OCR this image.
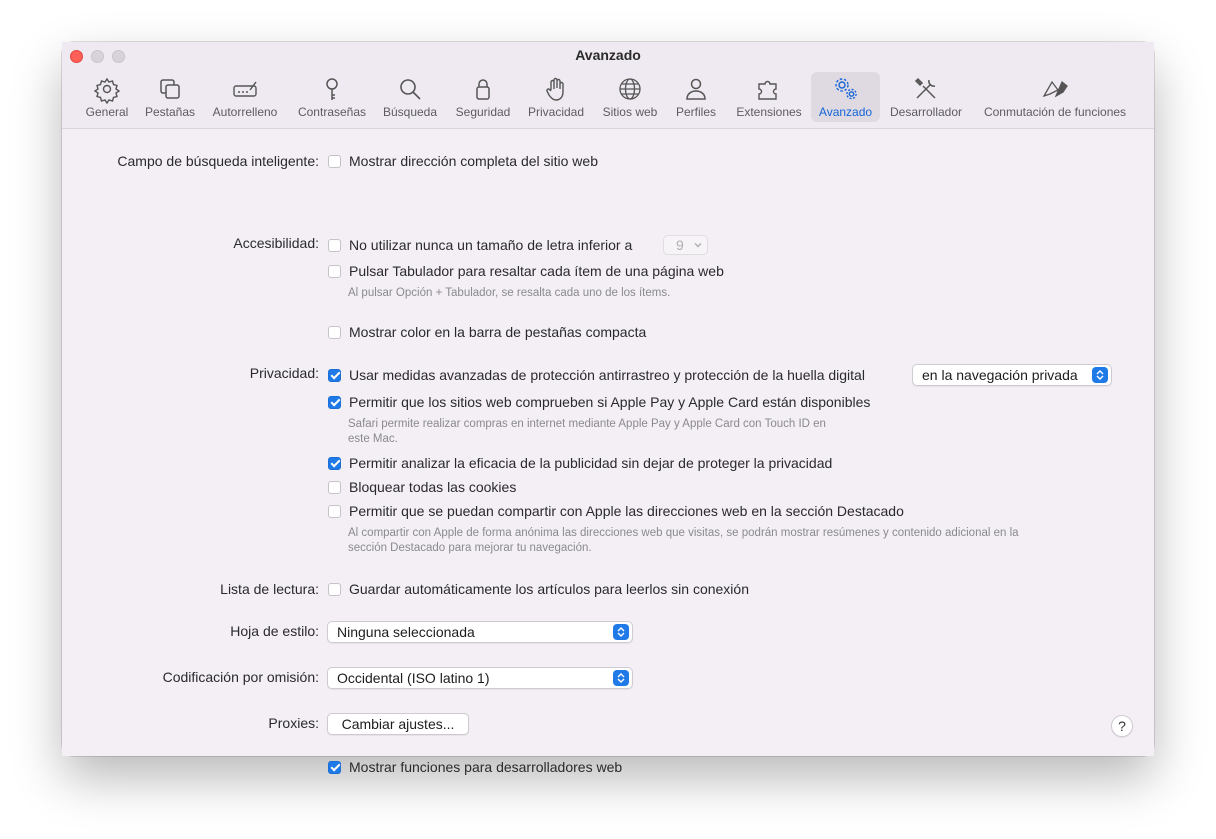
Avanzado
General	Pestañas	Autorrelleno	Contraseñas	Búsqueda	Seguridad	Privacidad	Sitios web	Perfiles	Extensiones	Avanzado	Desarrollador	Conmutación de funciones
Campo de búsqueda inteligente: Mostrar dirección completa del sitio web
Accesibilidad: No utilizar nunca un tamaño de letra inferior a	9
Pulsar Tabulador para resaltar cada ítem de una página web
Al pulsar Opción + Tabulador, se resalta cada uno de los ítems.
Mostrar color en la barra de pestañas compacta
Privacidad: Usar medidas avanzadas de protección antirrastreo y protección de la huella digital	en la navegación privada
Permitir que los sitios web comprueben si Apple Pay y Apple Card están disponibles
Safari permite realizar compras en internet mediante Apple Pay y Apple Card con Touch ID en
este Mac.
Permitir analizar la eficacia de la publicidad sin dejar de proteger la privacidad
Bloquear todas las cookies
Permitir que se puedan compartir con Apple las direcciones web en la sección Destacado
Al compartir con Apple de forma anónima las direcciones web que visitas, se podrán mostrar resúmenes y contenido adicional en la
sección Destacado para mejorar tu navegación.
Lista de lectura: Guardar automáticamente los artículos para leerlos sin conexión
Hoja de estilo:	Ninguna seleccionada
Codificación por omisión:	Occidental (ISO latino 1)
Proxies:	Cambiar ajustes...
Mostrar funciones para desarrolladores web
?
